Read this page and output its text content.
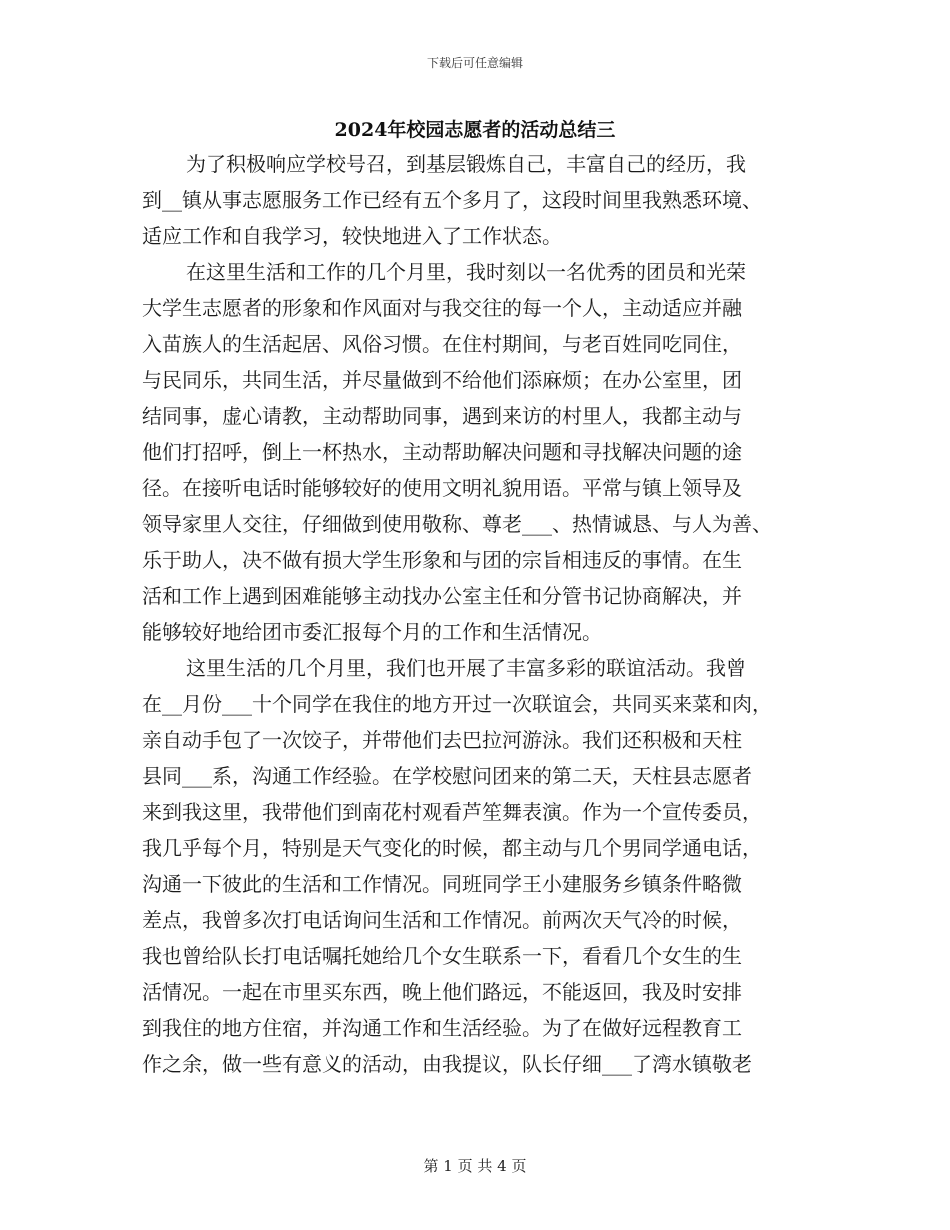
下载后可任意编辑
2024年校园志愿者的活动总结三
为了积极响应学校号召，到基层锻炼自己，丰富自己的经历，我
到__镇从事志愿服务工作已经有五个多月了，这段时间里我熟悉环境、
适应工作和自我学习，较快地进入了工作状态。
在这里生活和工作的几个月里，我时刻以一名优秀的团员和光荣
大学生志愿者的形象和作风面对与我交往的每一个人，主动适应并融
入苗族人的生活起居、风俗习惯。在住村期间，与老百姓同吃同住，
与民同乐，共同生活，并尽量做到不给他们添麻烦；在办公室里，团
结同事，虚心请教，主动帮助同事，遇到来访的村里人，我都主动与
他们打招呼，倒上一杯热水，主动帮助解决问题和寻找解决问题的途
径。在接听电话时能够较好的使用文明礼貌用语。平常与镇上领导及
领导家里人交往，仔细做到使用敬称、尊老___、热情诚恳、与人为善、
乐于助人，决不做有损大学生形象和与团的宗旨相违反的事情。在生
活和工作上遇到困难能够主动找办公室主任和分管书记协商解决，并
能够较好地给团市委汇报每个月的工作和生活情况。
这里生活的几个月里，我们也开展了丰富多彩的联谊活动。我曾
在__月份___十个同学在我住的地方开过一次联谊会，共同买来菜和肉，
亲自动手包了一次饺子，并带他们去巴拉河游泳。我们还积极和天柱
县同___系，沟通工作经验。在学校慰问团来的第二天，天柱县志愿者
来到我这里，我带他们到南花村观看芦笙舞表演。作为一个宣传委员，
我几乎每个月，特别是天气变化的时候，都主动与几个男同学通电话，
沟通一下彼此的生活和工作情况。同班同学王小建服务乡镇条件略微
差点，我曾多次打电话询问生活和工作情况。前两次天气冷的时候，
我也曾给队长打电话嘱托她给几个女生联系一下，看看几个女生的生
活情况。一起在市里买东西，晚上他们路远，不能返回，我及时安排
到我住的地方住宿，并沟通工作和生活经验。为了在做好远程教育工
作之余，做一些有意义的活动，由我提议，队长仔细___了湾水镇敬老
第 1 页 共 4 页
